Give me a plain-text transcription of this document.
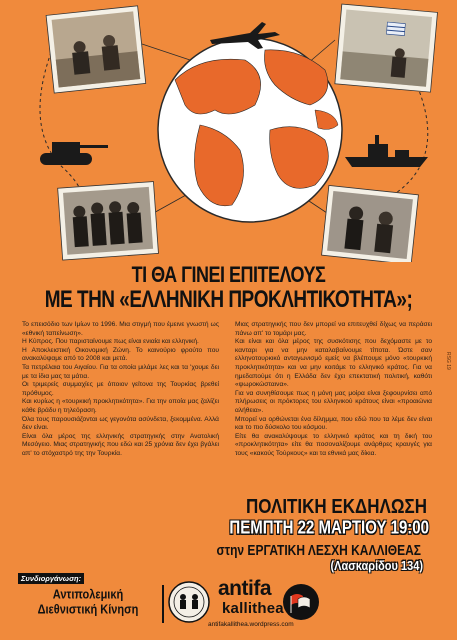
ΤΙ ΘΑ ΓΙΝΕΙ ΕΠΙΤΕΛΟΥΣ
ΜΕ ΤΗΝ «ΕΛΛΗΝΙΚΗ ΠΡΟΚΛΗΤΙΚΟΤΗΤΑ»;

Το επεισόδιο των Ιμίων το 1996. Μια στιγμή που έμεινε γνωστή ως «εθνική ταπείνωση».

Η Κύπρος. Που παρισταίνουμε πως είναι ενιαία και ελληνική.

Η Αποκλειστική Οικονομική Ζώνη. Το καινούριο φρούτο που ανακαλύψαμε από το 2008 και μετά.

Τα πετρέλαια του Αιγαίου. Για τα οποία μιλάμε λες και τα 'χουμε δει με τα ίδια μας τα μάτια.

Οι τριμερείς συμμαχίες με όποιον γείτονα της Τουρκίας βρεθεί πρόθυμος.

Και κυρίως η «τουρκική προκλητικότητα». Για την οποία μας ζαλίζει κάθε βράδυ η τηλεόραση.

Όλα τους παρουσιάζονται ως γεγονότα ασύνδετα, ξεκομμένα. Αλλά δεν είναι.

Είναι όλα μέρος της ελληνικής στρατηγικής στην Ανατολική Μεσόγειο. Μιας στρατηγικής που εδώ και 25 χρόνια δεν έχει βγάλει απ' το στόχαστρό της την Τουρκία.

Μιας στρατηγικής που δεν μπορεί να επιτευχθεί δίχως να περάσει πάνω απ' το τομάρι μας.

Και είναι και όλα μέρος της συσκότισης που δεχόμαστε με το κανταρι για να μην καταλαβαίνουμε τίποτα. Ώστε σαν ελληνοτουρκικό ανταγωνισμό εμείς να βλέπουμε μόνο «τουρκική προκλητικότητα» και να μην κοιτάμε το ελληνικό κράτος. Για να ημεδαπούμε ότι η Ελλάδα δεν έχει επεκτατική πολιτική, καθότι «ψωροκώσταινα».

Για να συνηθίσουμε πως η μόνη μας μοίρα είναι ξεφουρνίσει από πλήρωσεις οι πρόκτορες του ελληνικού κράτους είναι «προαιώνια αλήθεια».

Μπορεί να ορθώνεται ένα δίλημμα, που εδώ που τα λέμε δεν είναι και το πιο δύσκολο του κόσμου.

Είτε θα ανακαλύψουμε το ελληνικό κράτος και τη δική του «προκλητικότητα» είτε θα ποσοναλίζουμε ανάρθρες κραυγές για τους «κακούς Τούρκους» και τα εθνικά μας δίκια.

RSG 19
ΠΟΛΙΤΙΚΗ ΕΚΔΗΛΩΣΗ
ΠΕΜΠΤΗ 22 ΜΑΡΤΙΟΥ 19:00
στην ΕΡΓΑΤΙΚΗ ΛΕΣΧΗ ΚΑΛΛΙΘΕΑΣ
(Λασκαρίδου 134)
Συνδιοργάνωση:
Αντιπολεμική
Διεθνιστική Κίνηση
antifa
kallithea
antifakallithea.wordpress.com
